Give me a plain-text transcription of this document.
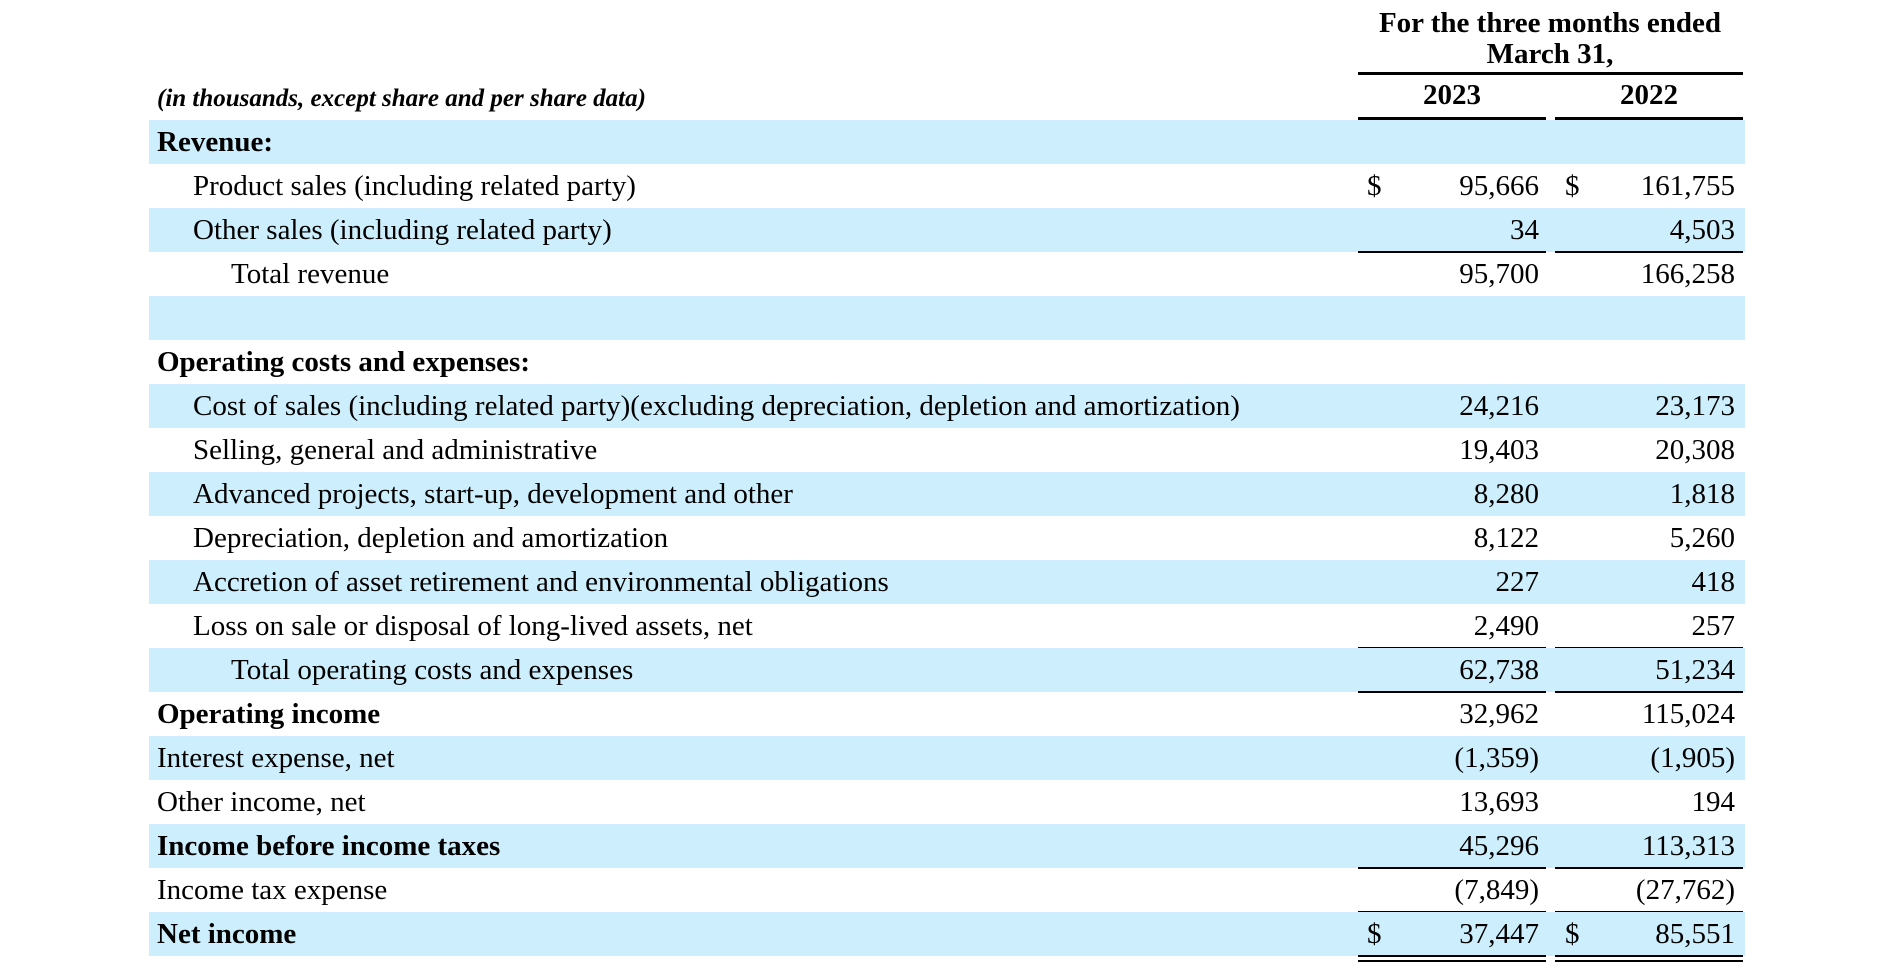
For the three months ended
March 31,
(in thousands, except share and per share data)	2023	2022
Revenue:
Product sales (including related party)	95,666	161,755
$	$
Other sales (including related party)	34	4,503
Total revenue	95,700	166,258
Operating costs and expenses:
Cost of sales (including related party)(excluding depreciation, depletion and amortization)	24,216	23,173
Selling, general and administrative	19,403	20,308
Advanced projects, start-up, development and other	8,280	1,818
Depreciation, depletion and amortization	8,122	5,260
Accretion of asset retirement and environmental obligations	227	418
Loss on sale or disposal of long-lived assets, net	2,490	257
Total operating costs and expenses	62,738	51,234
Operating income	32,962	115,024
Interest expense, net	(1,359)	(1,905)
Other income, net	13,693	194
Income before income taxes	45,296	113,313
Income tax expense	(7,849)	(27,762)
Net income	37,447	85,551
$	$
